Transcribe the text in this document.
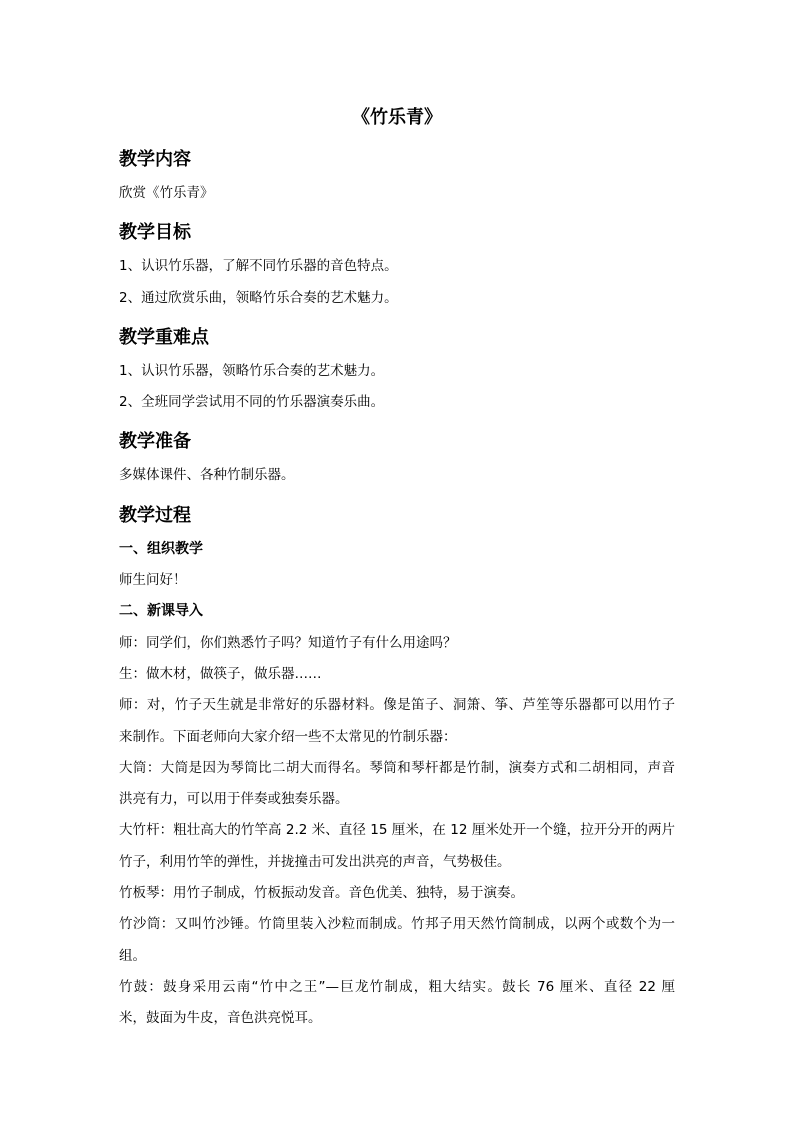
《竹乐青》
教学内容

欣赏《竹乐青》

教学目标

1、认识竹乐器，了解不同竹乐器的音色特点。

2、通过欣赏乐曲，领略竹乐合奏的艺术魅力。

教学重难点

1、认识竹乐器，领略竹乐合奏的艺术魅力。

2、全班同学尝试用不同的竹乐器演奏乐曲。

教学准备

多媒体课件、各种竹制乐器。

教学过程

一、组织教学

师生问好！

二、新课导入

师：同学们，你们熟悉竹子吗？知道竹子有什么用途吗？

生：做木材，做筷子，做乐器……

师：对，竹子天生就是非常好的乐器材料。像是笛子、洞箫、筝、芦笙等乐器都可以用竹子

来制作。下面老师向大家介绍一些不太常见的竹制乐器：

大筒：大筒是因为琴筒比二胡大而得名。琴筒和琴杆都是竹制，演奏方式和二胡相同，声音

洪亮有力，可以用于伴奏或独奏乐器。

大竹杆：粗壮高大的竹竿高 2.2 米、直径 15 厘米，在 12 厘米处开一个缝，拉开分开的两片

竹子，利用竹竿的弹性，并拢撞击可发出洪亮的声音，气势极佳。

竹板琴：用竹子制成，竹板振动发音。音色优美、独特，易于演奏。

竹沙筒：又叫竹沙锤。竹筒里装入沙粒而制成。竹邦子用天然竹筒制成，以两个或数个为一

组。

竹鼓：鼓身采用云南“竹中之王”—巨龙竹制成，粗大结实。鼓长 76 厘米、直径 22 厘

米，鼓面为牛皮，音色洪亮悦耳。
